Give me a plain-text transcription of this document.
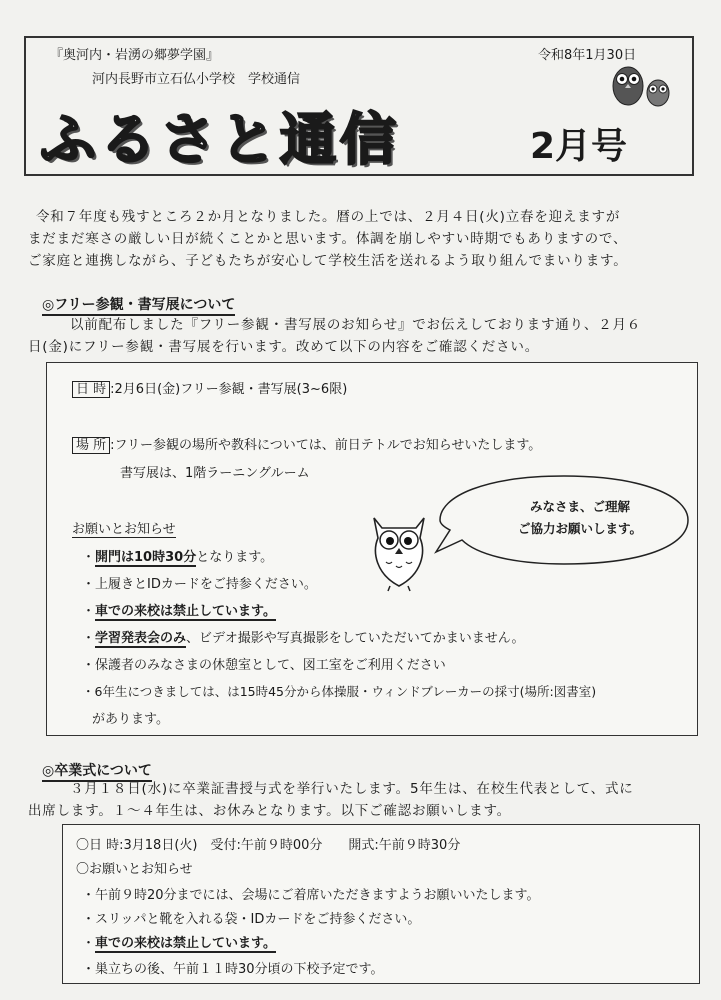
『奥河内・岩湧の郷夢学園』	令和8年1月30日
河内長野市立石仏小学校　学校通信
ふるさと通信	2月号
令和７年度も残すところ２か月となりました。暦の上では、２月４日(火)立春を迎えますが
まだまだ寒さの厳しい日が続くことかと思います。体調を崩しやすい時期でもありますので、
ご家庭と連携しながら、子どもたちが安心して学校生活を送れるよう取り組んでまいります。
◎フリー参観・書写展について
以前配布しました『フリー参観・書写展のお知らせ』でお伝えしております通り、２月６
日(金)にフリー参観・書写展を行います。改めて以下の内容をご確認ください。
日 時 :2月6日(金)フリー参観・書写展(3~6限)
場 所 :フリー参観の場所や教科については、前日テトルでお知らせいたします。
書写展は、1階ラーニングルーム
お願いとお知らせ
・開門は10時30分となります。
・上履きとIDカードをご持参ください。
・車での来校は禁止しています。
・学習発表会のみ、ビデオ撮影や写真撮影をしていただいてかまいません。
・保護者のみなさまの休憩室として、図工室をご利用ください
・6年生につきましては、は15時45分から体操服・ウィンドブレーカーの採寸(場所:図書室)
があります。
みなさま、ご理解
ご協力お願いします。
◎卒業式について
３月１８日(水)に卒業証書授与式を挙行いたします。5年生は、在校生代表として、式に
出席します。１～４年生は、お休みとなります。以下ご確認お願いします。
〇日 時:3月18日(火)　受付:午前９時00分　　開式:午前９時30分
〇お願いとお知らせ
・午前９時20分までには、会場にご着席いただきますようお願いいたします。
・スリッパと靴を入れる袋・IDカードをご持参ください。
・車での来校は禁止しています。
・巣立ちの後、午前１１時30分頃の下校予定です。
